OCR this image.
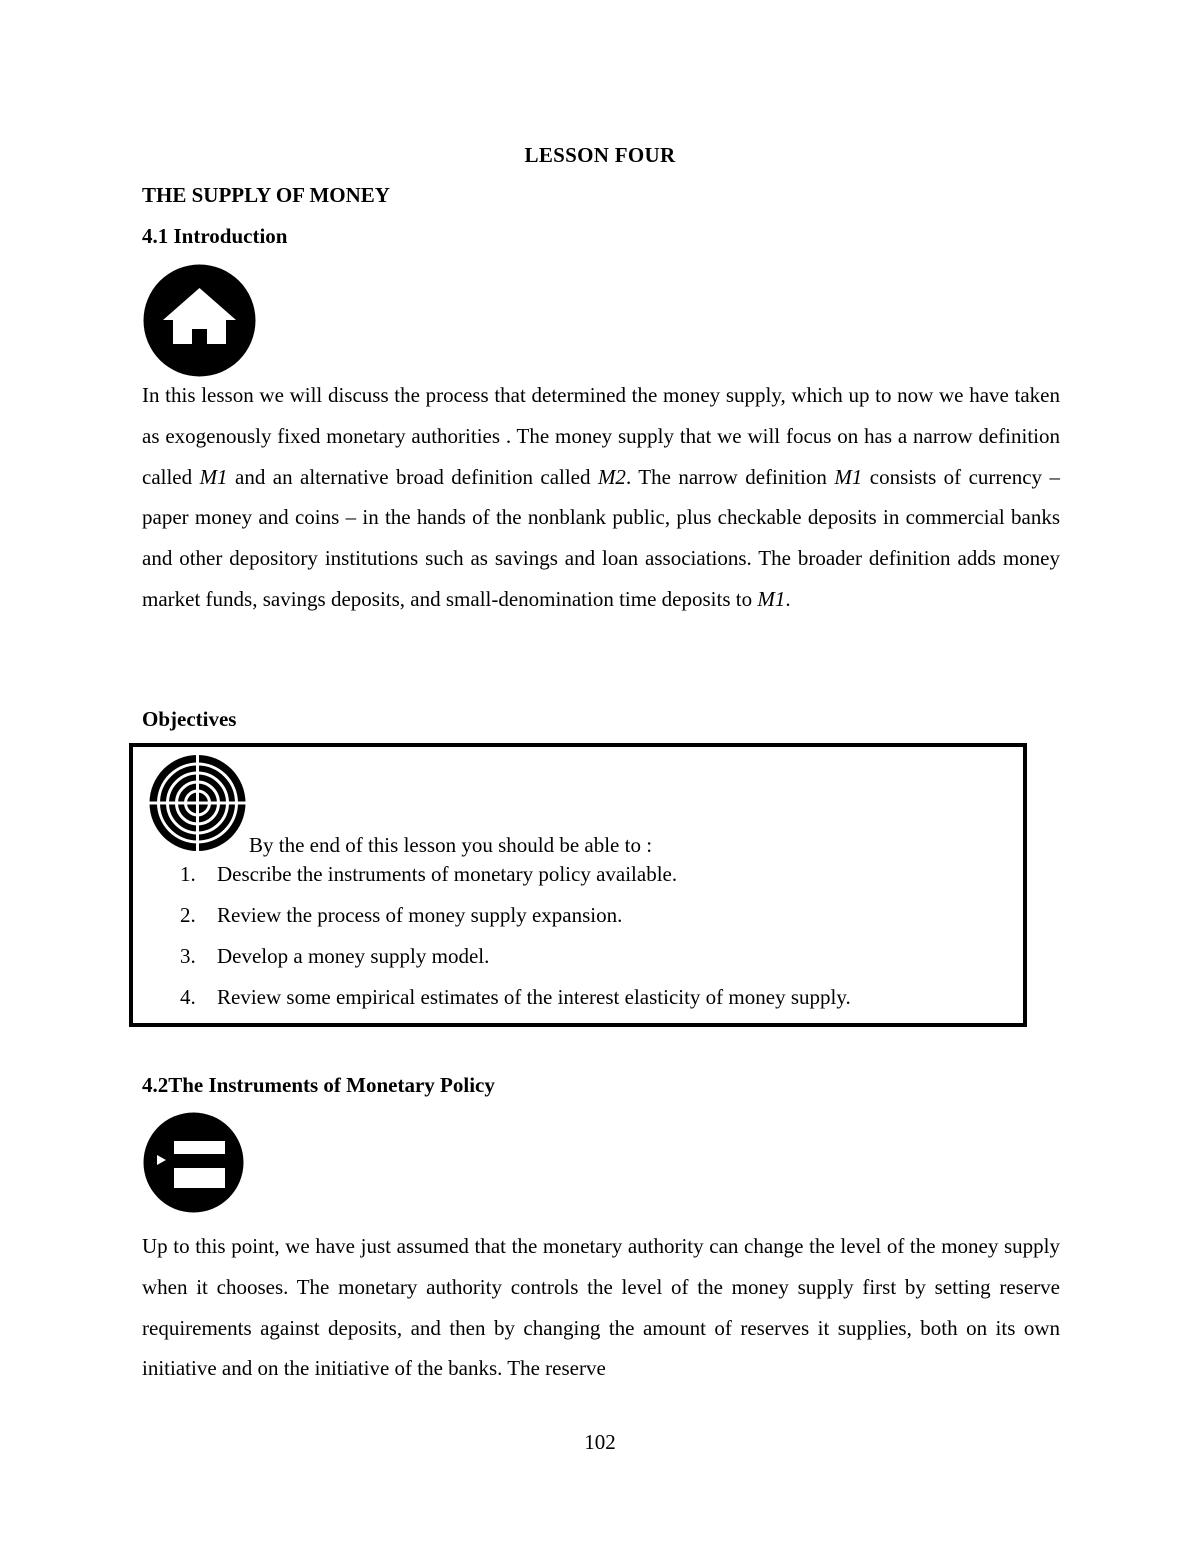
LESSON FOUR
THE SUPPLY OF MONEY
4.1 Introduction

In this lesson we will discuss the process that determined the money supply, which up to now we have taken as exogenously fixed monetary authorities . The money supply that we will focus on has a narrow definition called M1 and an alternative broad definition called M2. The narrow definition M1 consists of currency – paper money and coins – in the hands of the nonblank public, plus checkable deposits in commercial banks and other depository institutions such as savings and loan associations. The broader definition adds money market funds, savings deposits, and small-denomination time deposits to M1.

Objectives
By the end of this lesson you should be able to :
1. Describe the instruments of monetary policy available.
2. Review the process of money supply expansion.
3. Develop a money supply model.
4. Review some empirical estimates of the interest elasticity of money supply.
4.2The Instruments of Monetary Policy

Up to this point, we have just assumed that the monetary authority can change the level of the money supply when it chooses. The monetary authority controls the level of the money supply first by setting reserve requirements against deposits, and then by changing the amount of reserves it supplies, both on its own initiative and on the initiative of the banks. The reserve

102
